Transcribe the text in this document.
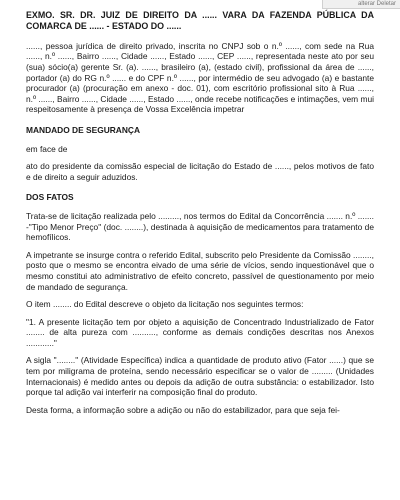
alterar Deletar

EXMO. SR. DR. JUIZ DE DIREITO DA ...... VARA DA FAZENDA PÚBLICA DA COMARCA DE ...... - ESTADO DO ......

......, pessoa jurídica de direito privado, inscrita no CNPJ sob o n.º ......, com sede na Rua ......, n.º ......, Bairro ......, Cidade ......, Estado ......, CEP ......, representada neste ato por seu (sua) sócio(a) gerente Sr. (a). ......, brasileiro (a), (estado civil), profissional da área de ......, portador (a) do RG n.º ...... e do CPF n.º ......, por intermédio de seu advogado (a) e bastante procurador (a) (procuração em anexo - doc. 01), com escritório profissional sito à Rua ......, n.º ......, Bairro ......, Cidade ......, Estado ......, onde recebe notificações e intimações, vem mui respeitosamente à presença de Vossa Excelência impetrar

MANDADO DE SEGURANÇA

em face de

ato do presidente da comissão especial de licitação do Estado de ......, pelos motivos de fato e de direito a seguir aduzidos.

DOS FATOS

Trata-se de licitação realizada pelo ........., nos termos do Edital da Concorrência ....... n.º ....... -"Tipo Menor Preço" (doc. ........), destinada à aquisição de medicamentos para tratamento de hemofílicos.

A impetrante se insurge contra o referido Edital, subscrito pelo Presidente da Comissão ........, posto que o mesmo se encontra eivado de uma série de vícios, sendo inquestionável que o mesmo constitui ato administrativo de efeito concreto, passível de questionamento por meio de mandado de segurança.

O item ........ do Edital descreve o objeto da licitação nos seguintes termos:

"1. A presente licitação tem por objeto a aquisição de Concentrado Industrializado de Fator ........ de alta pureza com .........., conforme as demais condições descritas nos Anexos ............"

A sigla "........" (Atividade Específica) indica a quantidade de produto ativo (Fator ......) que se tem por miligrama de proteína, sendo necessário especificar se o valor de ......... (Unidades Internacionais) é medido antes ou depois da adição de outra substância: o estabilizador. Isto porque tal adição vai interferir na composição final do produto.

Desta forma, a informação sobre a adição ou não do estabilizador, para que seja fei-
